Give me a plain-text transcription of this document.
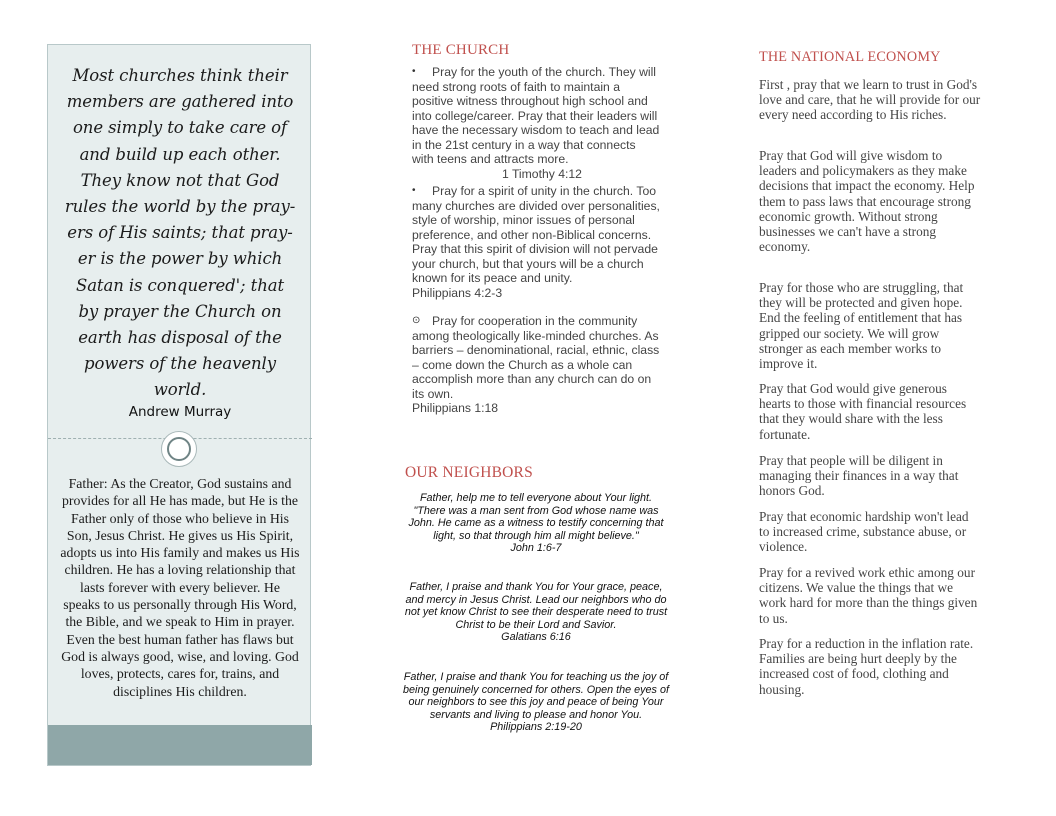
Most churches think their
members are gathered into
one simply to take care of
and build up each other.
They know not that God
rules the world by the pray-
ers of His saints; that pray-
er is the power by which
Satan is conquered'; that
by prayer the Church on
earth has disposal of the
powers of the heavenly
world.
Andrew Murray
Father: As the Creator, God sustains and provides for all He has made, but He is the Father only of those who believe in His Son, Jesus Christ. He gives us His Spirit, adopts us into His family and makes us His children. He has a loving relationship that lasts forever with every believer. He speaks to us personally through His Word, the Bible, and we speak to Him in prayer. Even the best human father has flaws but God is always good, wise, and loving. God loves, protects, cares for, trains, and disciplines His children.
THE CHURCH
• Pray for the youth of the church. They will need strong roots of faith to maintain a positive witness throughout high school and into college/career. Pray that their leaders will have the necessary wisdom to teach and lead in the 21st century in a way that connects with teens and attracts more. 1 Timothy 4:12
• Pray for a spirit of unity in the church. Too many churches are divided over personalities, style of worship, minor issues of personal preference, and other non-Biblical concerns. Pray that this spirit of division will not pervade your church, but that yours will be a church known for its peace and unity. Philippians 4:2-3
⊙ Pray for cooperation in the community among theologically like-minded churches. As barriers – denominational, racial, ethnic, class – come down the Church as a whole can accomplish more than any church can do on its own.
Philippians 1:18
OUR NEIGHBORS
Father, help me to tell everyone about Your light. "There was a man sent from God whose name was John. He came as a witness to testify concerning that light, so that through him all might believe."
John 1:6-7
Father, I praise and thank You for Your grace, peace, and mercy in Jesus Christ. Lead our neighbors who do not yet know Christ to see their desperate need to trust Christ to be their Lord and Savior.
Galatians 6:16
Father, I praise and thank You for teaching us the joy of being genuinely concerned for others. Open the eyes of our neighbors to see this joy and peace of being Your servants and living to please and honor You.
Philippians 2:19-20
THE NATIONAL ECONOMY
First , pray that we learn to trust in God's love and care, that he will provide for our every need according to His riches.
Pray that God will give wisdom to leaders and policymakers as they make decisions that impact the economy. Help them to pass laws that encourage strong economic growth. Without strong businesses we can't have a strong economy.
Pray for those who are struggling, that they will be protected and given hope. End the feeling of entitlement that has gripped our society. We will grow stronger as each member works to improve it.
Pray that God would give generous hearts to those with financial resources that they would share with the less fortunate.
Pray that people will be diligent in managing their finances in a way that honors God.
Pray that economic hardship won't lead to increased crime, substance abuse, or violence.
Pray for a revived work ethic among our citizens. We value the things that we work hard for more than the things given to us.
Pray for a reduction in the inflation rate. Families are being hurt deeply by the increased cost of food, clothing and housing.
